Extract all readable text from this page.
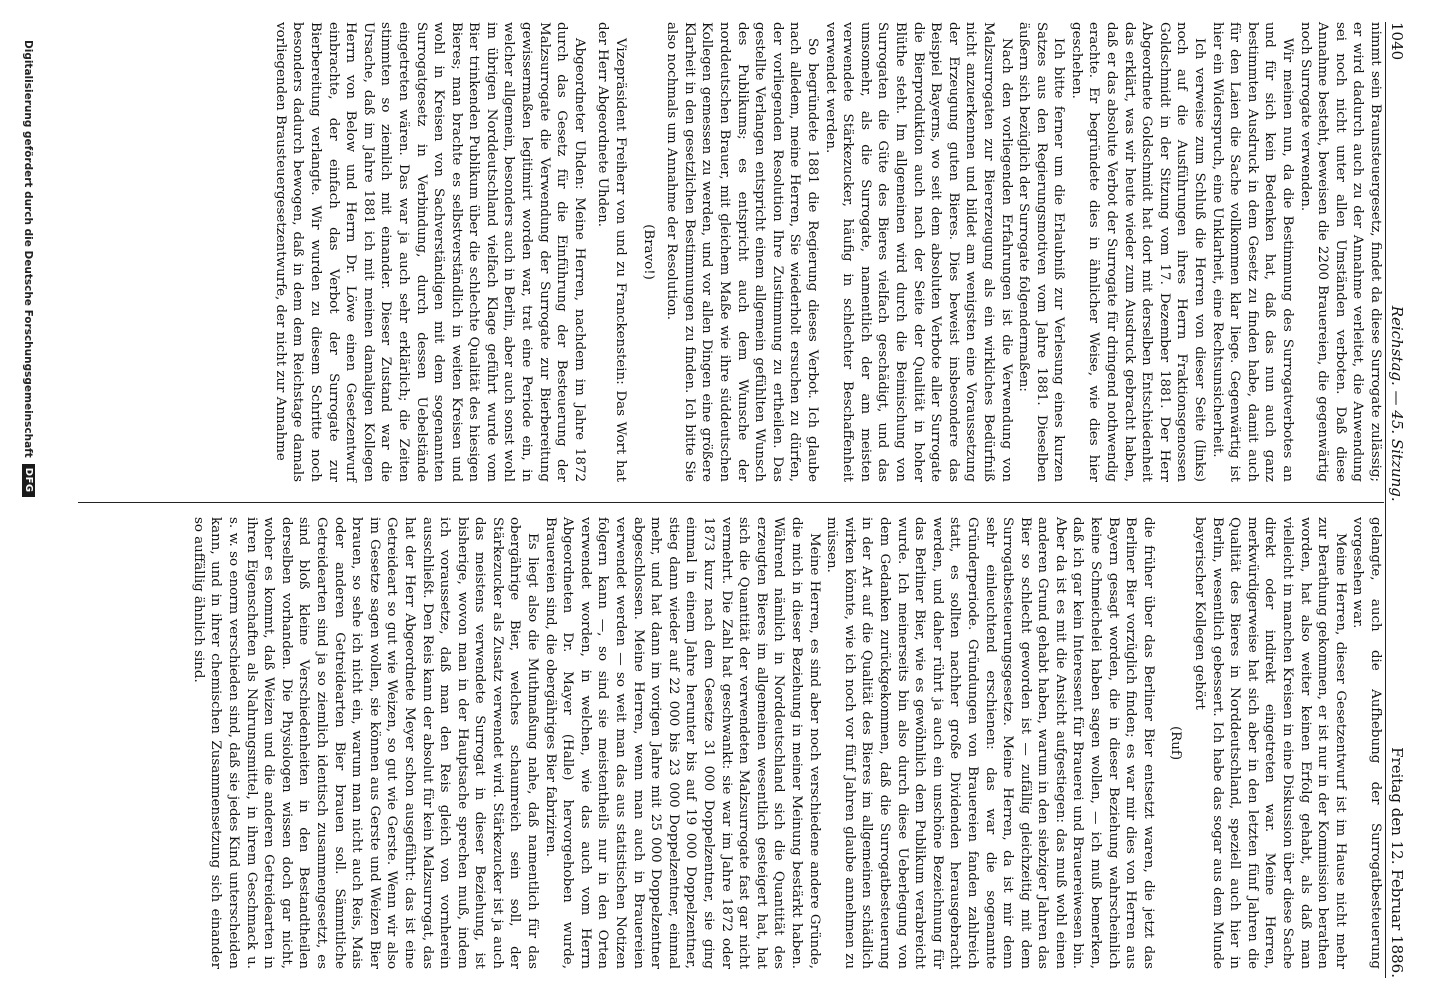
1040
Reichstag. — 45. Sitzung.
Freitag den 12. Februar 1886.

nimmt sein Braunsteuergesetz, findet da diese Surrogate zulässig; er wird dadurch auch zu der Annahme verleitet, die Anwendung sei noch nicht unter allen Umständen verboten. Daß diese Annahme besteht, beweisen die 2200 Brauereien, die gegenwärtig noch Surrogate verwenden.

Wir meinen nun, da die Bestimmung des Surrogatverbotes an und für sich kein Bedenken hat, daß das nun auch ganz bestimmten Ausdruck in dem Gesetz zu finden habe, damit auch für den Laien die Sache vollkommen klar liege. Gegenwärtig ist hier ein Widerspruch, eine Unklarheit, eine Rechtsunsicherheit.

Ich verweise zum Schluß die Herren von dieser Seite (links) noch auf die Ausführungen ihres Herrn Fraktionsgenossen Goldschmidt in der Sitzung vom 17. Dezember 1881. Der Herr Abgeordnete Goldschmidt hat dort mit derselben Entschiedenheit das erklärt, was wir heute wieder zum Ausdruck gebracht haben, daß er das absolute Verbot der Surrogate für dringend nothwendig erachte. Er begründete dies in ähnlicher Weise, wie dies hier geschehen.

Ich bitte ferner um die Erlaubniß zur Verlesung eines kurzen Satzes aus den Regierungsmotiven vom Jahre 1881. Dieselben äußern sich bezüglich der Surrogate folgendermaßen:

Nach den vorliegenden Erfahrungen ist die Verwendung von Malzsurrogaten zur Biererzeugung als ein wirkliches Bedürfniß nicht anzuerkennen und bildet am wenigsten eine Voraussetzung der Erzeugung guten Bieres. Dies beweist insbesondere das Beispiel Bayerns, wo seit dem absoluten Verbote aller Surrogate die Bierproduktion auch nach der Seite der Qualität in hoher Blüthe steht. Im allgemeinen wird durch die Beimischung von Surrogaten die Güte des Bieres vielfach geschädigt, und das umsomehr, als die Surrogate, namentlich der am meisten verwendete Stärkezucker, häufig in schlechter Beschaffenheit verwendet werden.

So begründete 1881 die Regierung dieses Verbot. Ich glaube nach alledem, meine Herren, Sie wiederholt ersuchen zu dürfen, der vorliegenden Resolution Ihre Zustimmung zu ertheilen. Das gestellte Verlangen entspricht einem allgemein gefühlten Wunsch des Publikums; es entspricht auch dem Wunsche der norddeutschen Brauer, mit gleichem Maße wie ihre süddeutschen Kollegen gemessen zu werden, und vor allen Dingen eine größere Klarheit in den gesetzlichen Bestimmungen zu finden. Ich bitte Sie also nochmals um Annahme der Resolution.

(Bravo!)

Vizepräsident Freiherr von und zu Franckenstein: Das Wort hat der Herr Abgeordnete Uhden.

Abgeordneter Uhden: Meine Herren, nachdem im Jahre 1872 durch das Gesetz für die Einführung der Besteuerung der Malzsurrogate die Verwendung der Surrogate zur Bierbereitung gewissermaßen legitimirt worden war, trat eine Periode ein, in welcher allgemein, besonders auch in Berlin, aber auch sonst wohl im übrigen Norddeutschland vielfach Klage geführt wurde vom Bier trinkenden Publikum über die schlechte Qualität des hiesigen Bieres; man brachte es selbstverständlich in weiten Kreisen und wohl in Kreisen von Sachverständigen mit dem sogenannten Surrogatgesetz in Verbindung, durch dessen Uebelstände eingetreten wären. Das war ja auch sehr erklärlich; die Zeiten stimmten so ziemlich mit einander. Dieser Zustand war die Ursache, daß im Jahre 1881 ich mit meinen damaligen Kollegen Herrn von Below und Herrn Dr. Löwe einen Gesetzentwurf einbrachte, der einfach das Verbot der Surrogate zur Bierbereitung verlangte. Wir wurden zu diesem Schritte noch besonders dadurch bewogen, daß in dem dem Reichstage damals vorliegenden Brausteuergesetzentwurfe, der nicht zur Annahme

gelangte, auch die Aufhebung der Surrogatbesteuerung vorgesehen war.

Meine Herren, dieser Gesetzentwurf ist im Hause nicht mehr zur Berathung gekommen, er ist nur in der Kommission berathen worden, hat also weiter keinen Erfolg gehabt, als daß man vielleicht in manchen Kreisen in eine Diskussion über diese Sache direkt oder indirekt eingetreten war. Meine Herren, merkwürdigerweise hat sich aber in den letzten fünf Jahren die Qualität des Bieres in Norddeutschland, speziell auch hier in Berlin, wesentlich gebessert. Ich habe das sogar aus dem Munde bayerischer Kollegen gehört

(Ruf)

die früher über das Berliner Bier entsetzt waren, die jetzt das Berliner Bier vorzüglich finden; es war mir dies von Herren aus Bayern gesagt worden, die in dieser Beziehung wahrscheinlich keine Schmeichelei haben sagen wollen, — ich muß bemerken, daß ich gar kein Interessent für Brauerei und Brauereiwesen bin. Aber da ist es mit die Ansicht aufgestiegen: das muß wohl einen anderen Grund gehabt haben, warum in den siebziger Jahren das Bier so schlecht geworden ist — zufällig gleichzeitig mit dem Surrogatbesteuerungsgesetze. Meine Herren, da ist mir denn sehr einleuchtend erschienen: das war die sogenannte Gründerperiode. Gründungen von Brauereien fanden zahlreich statt, es sollten nachher große Dividenden herausgebracht werden, und daher rührt ja auch ein unschöne Bezeichnung für das Berliner Bier, wie es gewöhnlich dem Publikum verabreicht wurde. Ich meinerseits bin also durch diese Ueberlegung von dem Gedanken zurückgekommen, daß die Surrogatbesteuerung in der Art auf die Qualität des Bieres im allgemeinen schädlich wirken könnte, wie ich noch vor fünf Jahren glaube annehmen zu müssen.

Meine Herren, es sind aber noch verschiedene andere Gründe, die mich in dieser Beziehung in meiner Meinung bestärkt haben. Während nämlich in Norddeutschland sich die Quantität des erzeugten Bieres im allgemeinen wesentlich gesteigert hat, hat sich die Quantität der verwendeten Malzsurrogate fast gar nicht vermehrt. Die Zahl hat geschwankt: sie war im Jahre 1872 oder 1873 kurz nach dem Gesetze 31 000 Doppelzentner, sie ging einmal in einem Jahre herunter bis auf 19 000 Doppelzentner, stieg dann wieder auf 22 000 bis 23 000 Doppelzentner, einmal mehr, und hat dann im vorigen Jahre mit 25 000 Doppelzentner abgeschlossen. Meine Herren, wenn man auch in Brauereien verwendet werden — so weit man das aus statistischen Notizen folgern kann —, so sind sie meistentheils nur in den Orten verwendet worden, in welchen, wie das auch vom Herrn Abgeordneten Dr. Mayer (Halle) hervorgehoben wurde, Brauereien sind, die obergähriges Bier fabriziren.

Es liegt also die Muthmaßung nahe, daß namentlich für das obergährige Bier, welches schaumreich sein soll, der Stärkezucker als Zusatz verwendet wird. Stärkezucker ist ja auch das meistens verwendete Surrogat in dieser Beziehung, ist bisherige, wovon man in der Hauptsache sprechen muß, indem ich voraussetze, daß man den Reis gleich von vornherein ausschließt. Den Reis kann der absolut für kein Malzsurrogat, das hat der Herr Abgeordnete Meyer schon ausgeführt: das ist eine Getreideart so gut wie Weizen, so gut wie Gerste. Wenn wir also im Gesetze sagen wollen, sie können aus Gerste und Weizen Bier brauen, so sehe ich nicht ein, warum man nicht auch Reis, Mais oder anderen Getreidearten Bier brauen soll. Sämmtliche Getreidearten sind ja so ziemlich identisch zusammengesetzt, es sind bloß kleine Verschiedenheiten in den Bestandtheilen derselben vorhanden. Die Physiologen wissen doch gar nicht, woher es kommt, daß Weizen und die anderen Getreidearten in ihren Eigenschaften als Nahrungsmittel, in ihrem Geschmack u. s. w. so enorm verschieden sind, daß sie jedes Kind unterscheiden kann, und in ihrer chemischen Zusammensetzung sich einander so auffällig ähnlich sind.

Digitalisierung gefördert durch die Deutsche Forschungsgemeinschaft
DFG
